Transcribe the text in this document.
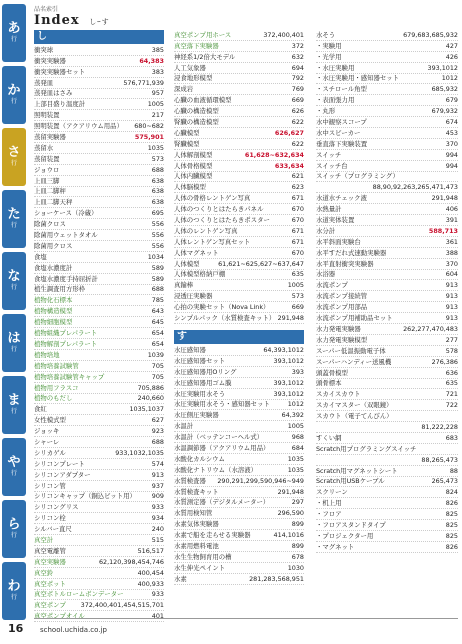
あ
行
か
行
さ
行
た
行
な
行
は
行
ま
行
や
行
ら
行
わ
行
品名索引
Index しｰす
し
衝突球	385
衝突実験器	64,383
衝突実験器セット	383
蒸発皿	576,771,939
蒸発皿はさみ	957
上部目盛り温度計	1005
照明装置	217
照明装置（アクアリウム用品） 680~682
蒸留実験器	575,901
蒸留水	1035
蒸留装置	573
ジョウロ	688
上皿三脚	638
上皿二脚秤	638
上皿二脚天秤	638
ショーケース（冷蔵）	695
除菌クロス	556
除菌用ウェットタオル	556
除菌用クロス	556
食塩	1034
食塩水濃度計	589
食塩水濃度手持屈折計	589
植生調査用方形枠	688
植物化石標本	785
植物構造模型	643
植物細胞模型	645
植物組織プレパラート	654
植物解剖プレパラート	654
植物培地	1039
植物培養試験管	705
植物培養試験管キャップ	705
植物用フラスコ	705,886
植物のもだし	240,660
食紅	1035,1037
女性模式型	627
ジョッキ	923
シャーレ	688
シリカゲル	933,1032,1035
シリコンプレート	574
シリコンアダプター	913
シリコン管	937
シリコンキャップ（銅込ビット用） 909
シリコングリス	933
シリコン栓	934
シルバー直尺	240
真空計	515
真空電離管	516,517
真空実験器	62,120,398,454,746
真空鈴	400,454
真空ポット	400,933
真空ボトルロームボンデーター	933
真空ポンプ 372,400,401,454,515,701
真空ポンプオイル	401
真空ポンプ用ホース	372,400,401
真空落下実験器	372
神経系1/2倍大モデル	632
人工気象器	694
浸食地形模型	792
深成岩	769
心臓の血液循環模型	669
心臓の構造模型	626
腎臓の構造模型	622
心臓模型	626,627
腎臓模型	622
人体解剖模型	61,628~632,634
人体骨格模型	633,634
人体内臓模型	621
人体脳模型	623
人体の骨格レントゲン写真	671
人体のつくりとはたらきパネル	670
人体のつくりとはたらきポスター	670
人体のレントゲン写真	671
人体レントゲン写真セット	671
人体マグネット	670
人体模型	61,621~625,627~637,647
人体模型格納戸棚	635
真鍮棒	1005
浸透圧実験器	573
心拍の実験セット（Nova Link）	669
シンプルパック（水質検査キット） 291,948
す
水圧感知器	64,393,1012
水圧感知器セット	393,1012
水圧感知器用Oリング	393
水圧感知器用ゴム膜	393,1012
水圧実験用水そう	393,1012
水圧実験用水そう・感知器セット	1012
水圧側圧実験器	64,392
水温計	1005
水温計（ベッテンコーヘル式）	968
水温調節器（アクアリウム用品）	684
水酸化カルシウム	1035
水酸化ナトリウム（水溶液）	1035
水質検査器 290,291,299,590,946~949
水質検査キット	291,948
水質測定器（デジタルメーター）	297
水質用検知管	296,590
水素気体実験器	899
水素で船を走らせる実験器	414,1016
水素用燃料電池	899
水生生物飼育用の槽	678
水生伸光ペイント	1030
水素	281,283,568,951
水そう	679,683,685,932
・実験用	427
・光学用	426
・水圧実験用	393,1012
・水圧実験用・感知器セット	1012
・スチロール角型	685,932
・表面張力用	679
・丸形	679,932
水中観察スコープ	674
水中スピーカー	453
垂直落下実験装置	370
スイッチ	994
スイッチ台	994
スイッチ（プログラミング）
88,90,92,263,265,471,473
水道水チェック液	291,948
水熱量計	406
水道実体装置	391
水分計	588,713
水平斜面実験台	361
水平すだれ式速動実験器	388
水平直射衝突実験器	370
水浴器	604
水流ポンプ	913
水流ポンプ接続管	913
水流ポンプ用部品	913
水流ポンプ用補助品セット	913
水力発電実験器	262,277,470,483
水力発電実験模型	277
スーパー低温振動電子体	578
スーパーハンディー送風機	276,386
頭蓋骨模型	636
頭骨標本	635
スカイスカウト	721
スカイマスター（双眼鏡）	722
スカウト（電子てんびん）
81,222,228
すくい網	683
Scratch用プログラミングスイッチ
88,265,473
Scratch用マグネットシート	88
Scratch用USBケーブル	265,473
スクリーン	824
・机上用	826
・フロア	825
・フロアスタンドタイプ	825
・プロジェクター用	825
・マグネット	826
16 school.uchida.co.jp
